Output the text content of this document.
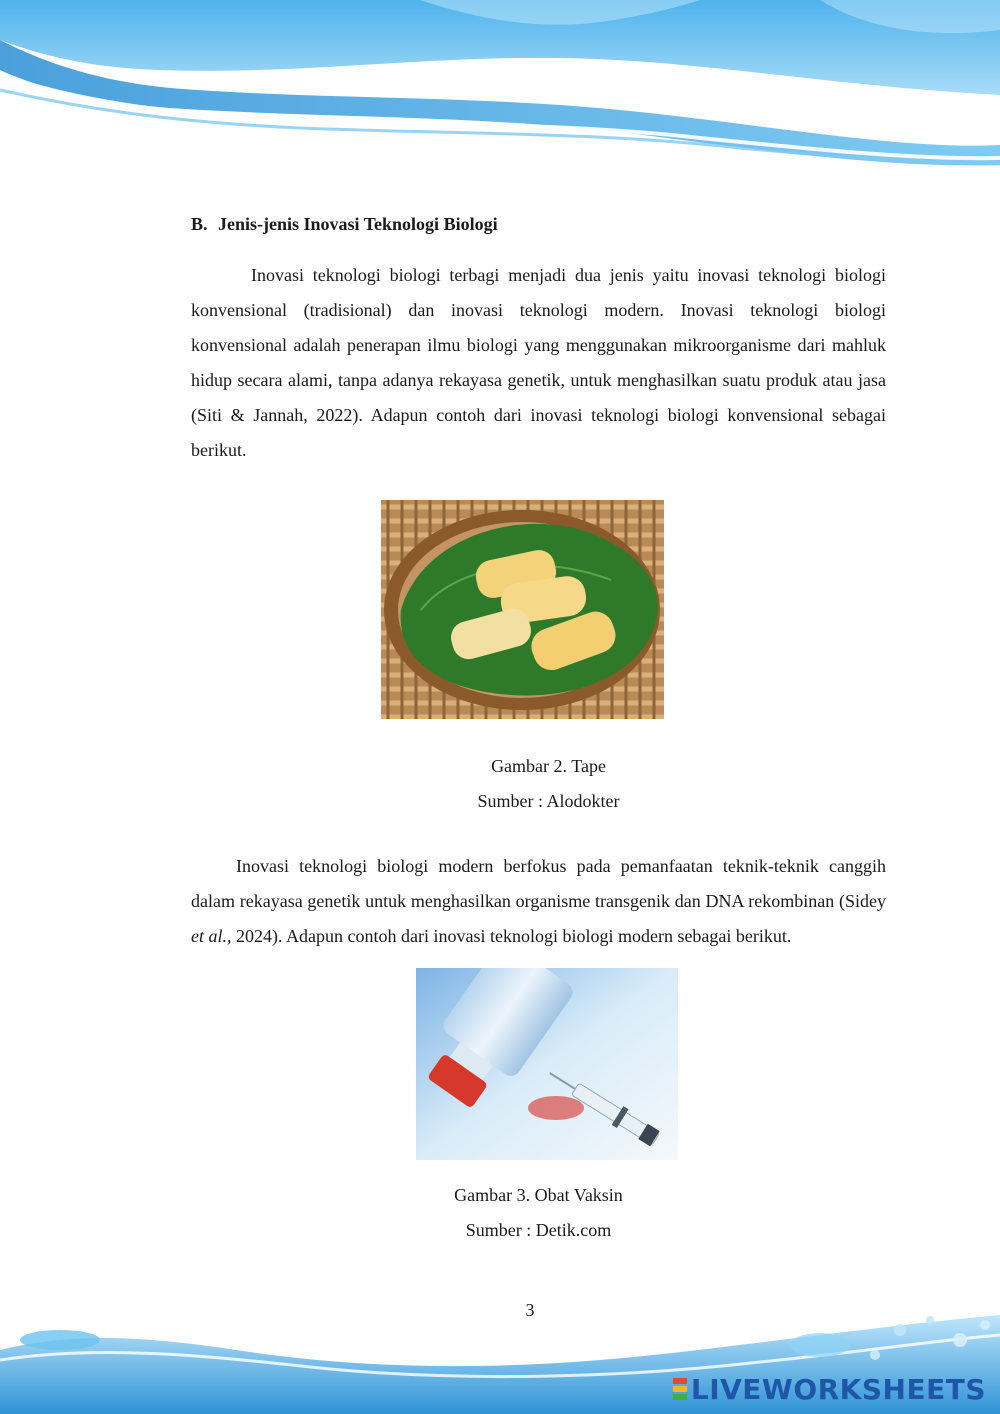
B. Jenis-jenis Inovasi Teknologi Biologi

Inovasi teknologi biologi terbagi menjadi dua jenis yaitu inovasi teknologi biologi konvensional (tradisional) dan inovasi teknologi modern. Inovasi teknologi biologi konvensional adalah penerapan ilmu biologi yang menggunakan mikroorganisme dari mahluk hidup secara alami, tanpa adanya rekayasa genetik, untuk menghasilkan suatu produk atau jasa (Siti & Jannah, 2022). Adapun contoh dari inovasi teknologi biologi konvensional sebagai berikut.

Gambar 2. Tape
Sumber : Alodokter

Inovasi teknologi biologi modern berfokus pada pemanfaatan teknik-teknik canggih dalam rekayasa genetik untuk menghasilkan organisme transgenik dan DNA rekombinan (Sidey et al., 2024). Adapun contoh dari inovasi teknologi biologi modern sebagai berikut.

Gambar 3. Obat Vaksin
Sumber : Detik.com
3
LIVEWORKSHEETS
